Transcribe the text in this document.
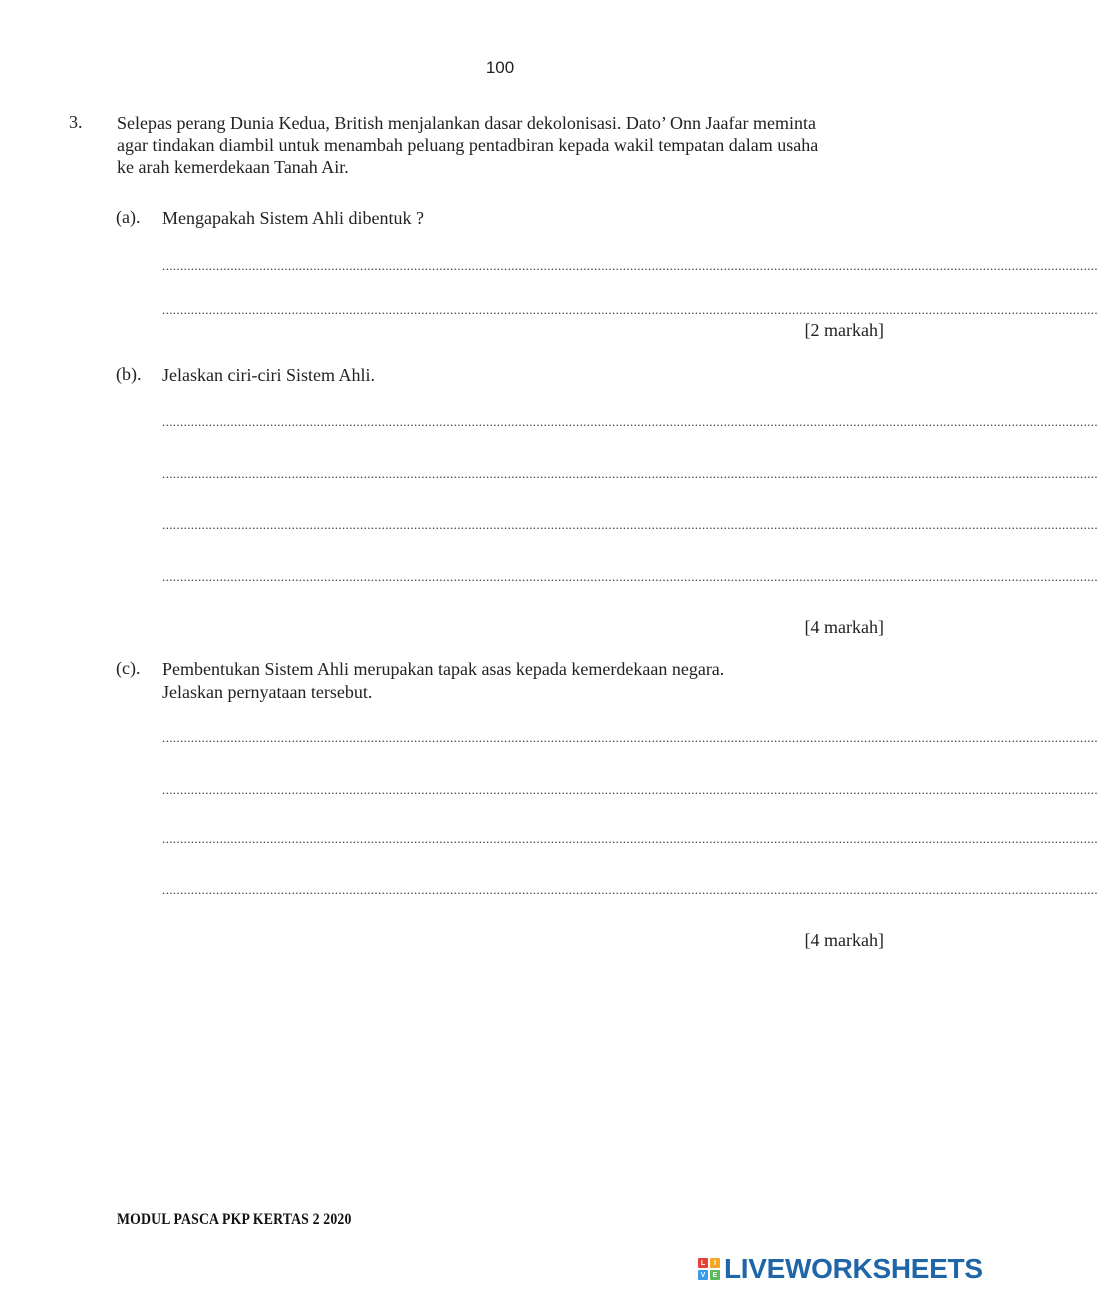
100
3. Selepas perang Dunia Kedua, British menjalankan dasar dekolonisasi. Dato’ Onn Jaafar meminta
agar tindakan diambil untuk menambah peluang pentadbiran kepada wakil tempatan dalam usaha
ke arah kemerdekaan Tanah Air.
(a). Mengapakah Sistem Ahli dibentuk ?
....................................................................................................................................................................................................................................................................
....................................................................................................................................................................................................................................................................
[2 markah]
(b). Jelaskan ciri-ciri Sistem Ahli.
....................................................................................................................................................................................................................................................................
....................................................................................................................................................................................................................................................................
....................................................................................................................................................................................................................................................................
....................................................................................................................................................................................................................................................................
[4 markah]
(c). Pembentukan Sistem Ahli merupakan tapak asas kepada kemerdekaan negara.
Jelaskan pernyataan tersebut.
....................................................................................................................................................................................................................................................................
....................................................................................................................................................................................................................................................................
....................................................................................................................................................................................................................................................................
....................................................................................................................................................................................................................................................................
[4 markah]
MODUL PASCA PKP KERTAS 2 2020
L	I
V	E LIVEWORKSHEETS
